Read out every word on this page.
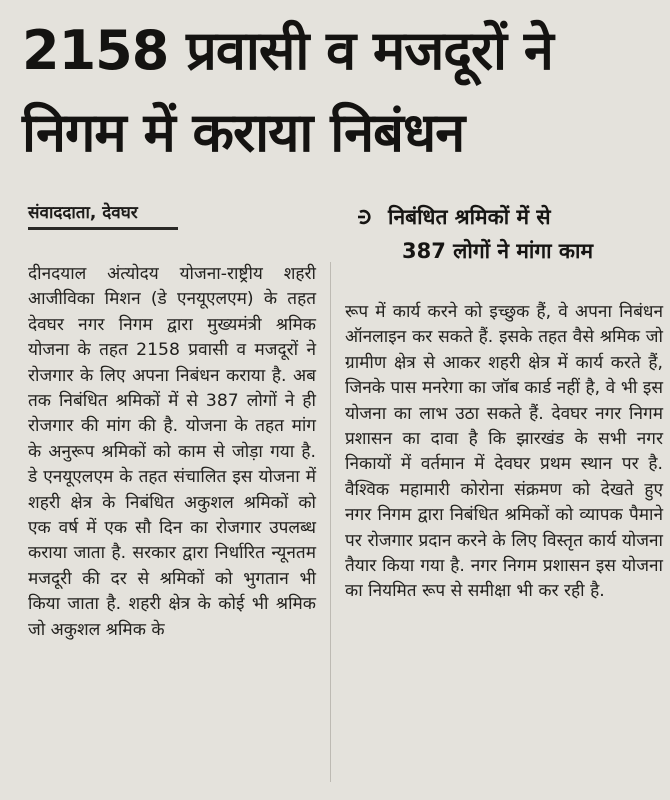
2158 प्रवासी व मजदूरों ने
निगम में कराया निबंधन
संवाददाता, देवघर	निबंधित श्रमिकों में से
387 लोगों ने मांगा काम
दीनदयाल अंत्योदय योजना-राष्ट्रीय शहरी आजीविका मिशन (डे एनयूएलएम) के तहत देवघर नगर निगम द्वारा मुख्यमंत्री श्रमिक योजना के तहत 2158 प्रवासी व मजदूरों ने रोजगार के लिए अपना निबंधन कराया है. अब तक निबंधित श्रमिकों में से 387 लोगों ने ही रोजगार की मांग की है. योजना के तहत मांग के अनुरूप श्रमिकों को काम से जोड़ा गया है. डे एनयूएलएम के तहत संचालित इस योजना में शहरी क्षेत्र के निबंधित अकुशल श्रमिकों को एक वर्ष में एक सौ दिन का रोजगार उपलब्ध कराया जाता है. सरकार द्वारा निर्धारित न्यूनतम मजदूरी की दर से श्रमिकों को भुगतान भी किया जाता है. शहरी क्षेत्र के कोई भी श्रमिक जो अकुशल श्रमिक के
रूप में कार्य करने को इच्छुक हैं, वे अपना निबंधन ऑनलाइन कर सकते हैं. इसके तहत वैसे श्रमिक जो ग्रामीण क्षेत्र से आकर शहरी क्षेत्र में कार्य करते हैं, जिनके पास मनरेगा का जॉब कार्ड नहीं है, वे भी इस योजना का लाभ उठा सकते हैं. देवघर नगर निगम प्रशासन का दावा है कि झारखंड के सभी नगर निकायों में वर्तमान में देवघर प्रथम स्थान पर है. वैश्विक महामारी कोरोना संक्रमण को देखते हुए नगर निगम द्वारा निबंधित श्रमिकों को व्यापक पैमाने पर रोजगार प्रदान करने के लिए विस्तृत कार्य योजना तैयार किया गया है. नगर निगम प्रशासन इस योजना का नियमित रूप से समीक्षा भी कर रही है.
